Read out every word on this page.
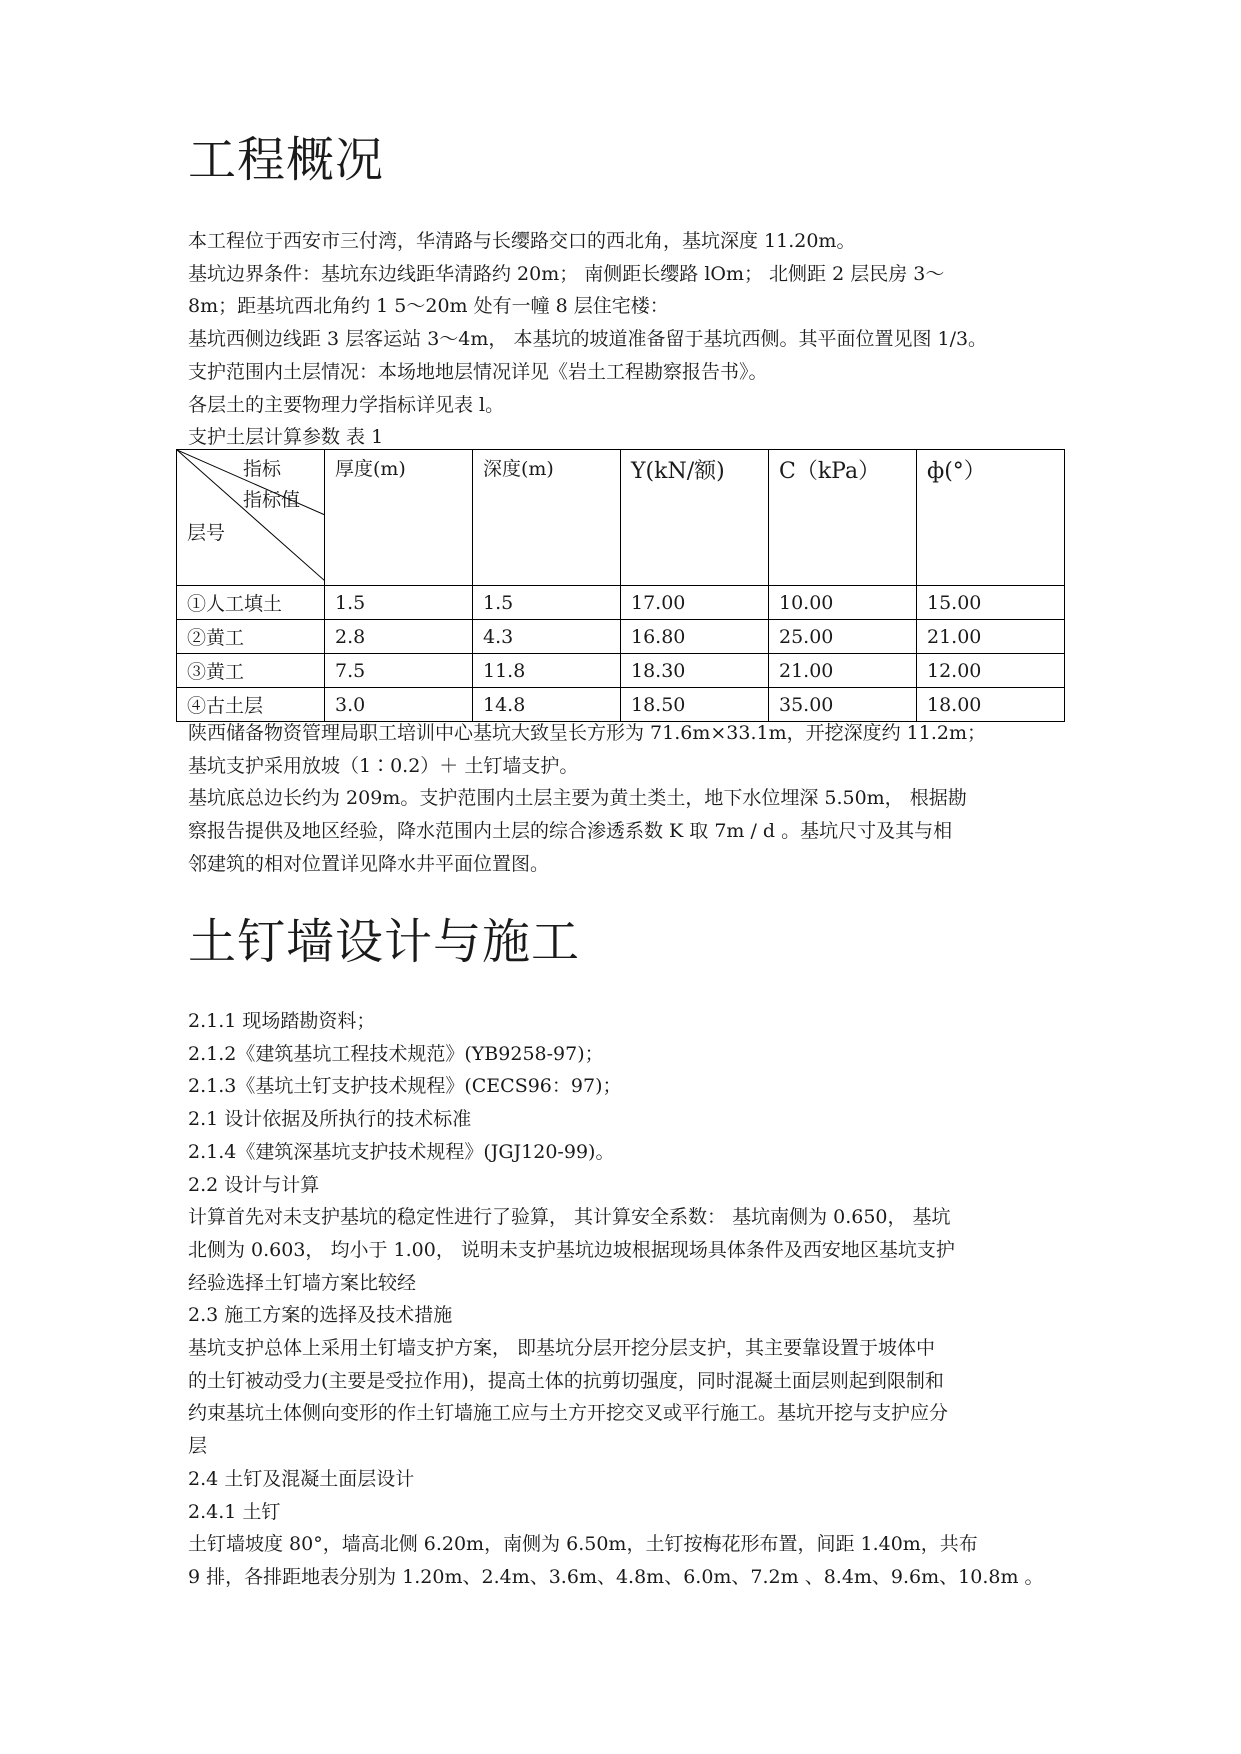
工程概况
本工程位于西安市三付湾，华清路与长缨路交口的西北角，基坑深度 11.20m。
基坑边界条件：基坑东边线距华清路约 20m； 南侧距长缨路 lOm； 北侧距 2 层民房 3～
8m；距基坑西北角约 1 5～20m 处有一幢 8 层住宅楼：
基坑西侧边线距 3 层客运站 3～4m， 本基坑的坡道准备留于基坑西侧。其平面位置见图 1/3。
支护范围内土层情况：本场地地层情况详见《岩土工程勘察报告书》。
各层土的主要物理力学指标详见表 l。
支护土层计算参数 表 1
指标
指标值
层号	厚度(m)	深度(m)	Y(kN/额)	C（kPa）	ф(°）
①人工填土	1.5	1.5	17.00	10.00	15.00
②黄工	2.8	4.3	16.80	25.00	21.00
③黄工	7.5	11.8	18.30	21.00	12.00
④古土层	3.0	14.8	18.50	35.00	18.00
陕西储备物资管理局职工培训中心基坑大致呈长方形为 71.6m×33.1m，开挖深度约 11.2m；
基坑支护采用放坡（1∶0.2）＋ 土钉墙支护。
基坑底总边长约为 209m。支护范围内土层主要为黄土类土，地下水位埋深 5.50m， 根据勘
察报告提供及地区经验，降水范围内土层的综合渗透系数 K 取 7m / d 。基坑尺寸及其与相
邻建筑的相对位置详见降水井平面位置图。
土钉墙设计与施工
2.1.1 现场踏勘资料；
2.1.2《建筑基坑工程技术规范》(YB9258-97)；
2.1.3《基坑土钉支护技术规程》(CECS96：97)；
2.1 设计依据及所执行的技术标准
2.1.4《建筑深基坑支护技术规程》(JGJ120-99)。
2.2 设计与计算
计算首先对未支护基坑的稳定性进行了验算， 其计算安全系数： 基坑南侧为 0.650， 基坑
北侧为 0.603， 均小于 1.00， 说明未支护基坑边坡根据现场具体条件及西安地区基坑支护
经验选择土钉墙方案比较经
2.3 施工方案的选择及技术措施
基坑支护总体上采用土钉墙支护方案， 即基坑分层开挖分层支护，其主要靠设置于坡体中
的土钉被动受力(主要是受拉作用)，提高土体的抗剪切强度，同时混凝土面层则起到限制和
约束基坑土体侧向变形的作土钉墙施工应与土方开挖交叉或平行施工。基坑开挖与支护应分
层
2.4 土钉及混凝土面层设计
2.4.1 土钉
土钉墙坡度 80°，墙高北侧 6.20m，南侧为 6.50m，土钉按梅花形布置，间距 1.40m，共布
9 排，各排距地表分别为 1.20m、2.4m、3.6m、4.8m、6.0m、7.2m 、8.4m、9.6m、10.8m 。
